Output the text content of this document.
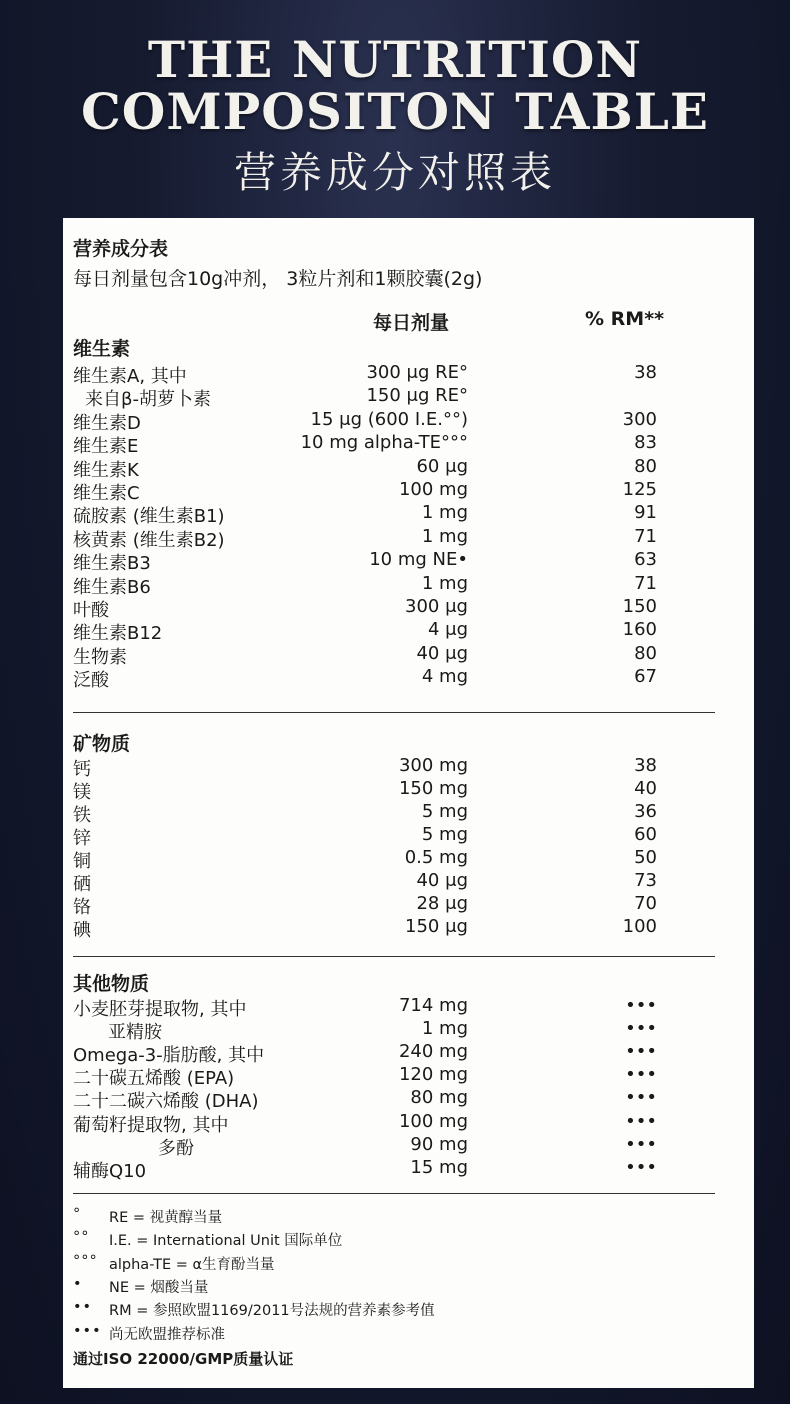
THE NUTRITION
COMPOSITON TABLE
营养成分对照表
营养成分表
每日剂量包含10g冲剂， 3粒片剂和1颗胶囊(2g)
每日剂量	% RM**
维生素
矿物质
其他物质
通过ISO 22000/GMP质量认证
维生素A, 其中	300 μg RE°	38
来自β-胡萝卜素	150 μg RE°
维生素D	15 μg (600 I.E.°°)	300
维生素E	10 mg alpha-TE°°°	83
维生素K	60 μg	80
维生素C	100 mg	125
硫胺素 (维生素B1)	1 mg	91
核黄素 (维生素B2)	1 mg	71
维生素B3	10 mg NE•	63
维生素B6	1 mg	71
叶酸	300 μg	150
维生素B12	4 μg	160
生物素	40 μg	80
泛酸	4 mg	67
钙	300 mg	38
镁	150 mg	40
铁	5 mg	36
锌	5 mg	60
铜	0.5 mg	50
硒	40 μg	73
铬	28 μg	70
碘	150 μg	100
小麦胚芽提取物, 其中	714 mg	•••
亚精胺	1 mg	•••
Omega-3-脂肪酸, 其中	240 mg	•••
二十碳五烯酸 (EPA)	120 mg	•••
二十二碳六烯酸 (DHA)	80 mg	•••
葡萄籽提取物, 其中	100 mg	•••
多酚	90 mg	•••
辅酶Q10	15 mg	•••
° RE = 视黄醇当量
°° I.E. = International Unit 国际单位
°°° alpha-TE = α生育酚当量
• NE = 烟酸当量
•• RM = 参照欧盟1169/2011号法规的营养素参考值
••• 尚无欧盟推荐标准
